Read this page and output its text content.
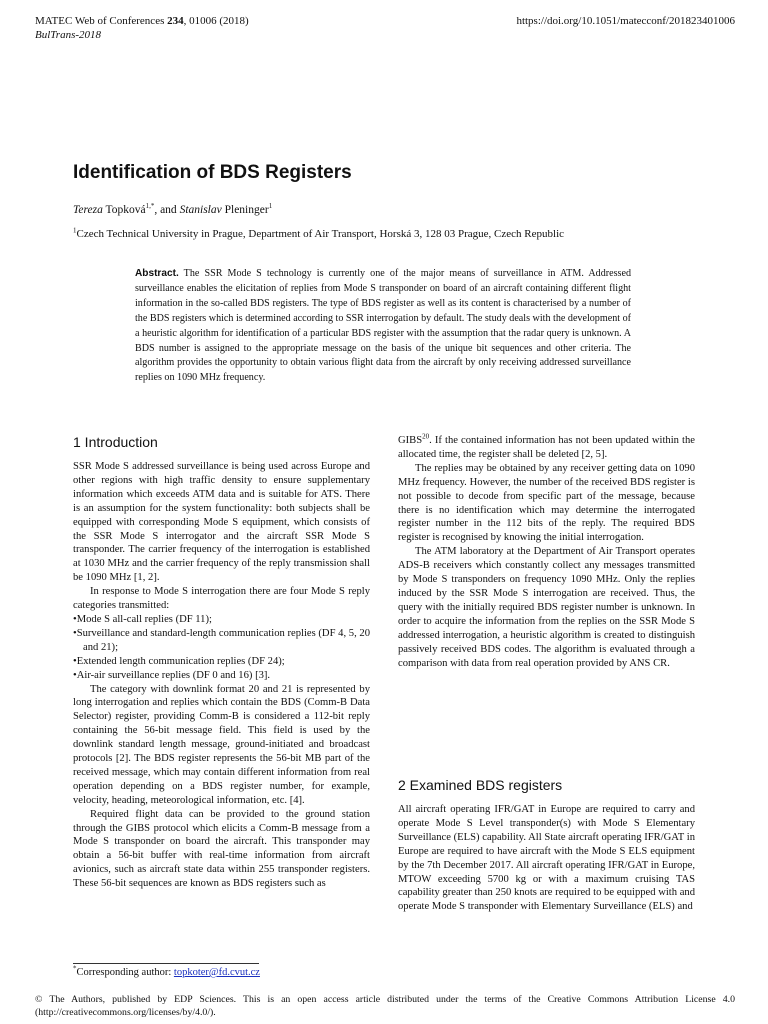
MATEC Web of Conferences 234, 01006 (2018)
BulTrans-2018
https://doi.org/10.1051/matecconf/201823401006
Identification of BDS Registers
Tereza Topková$^{1,*}$, and Stanislav Pleninger$^1$
$^1$Czech Technical University in Prague, Department of Air Transport, Horská 3, 128 03 Prague, Czech Republic
Abstract. The SSR Mode S technology is currently one of the major means of surveillance in ATM. Addressed surveillance enables the elicitation of replies from Mode S transponder on board of an aircraft containing different flight information in the so-called BDS registers. The type of BDS register as well as its content is characterised by a number of the BDS registers which is determined according to SSR interrogation by default. The study deals with the development of a heuristic algorithm for identification of a particular BDS register with the assumption that the radar query is unknown. A BDS number is assigned to the appropriate message on the basis of the unique bit sequences and other criteria. The algorithm provides the opportunity to obtain various flight data from the aircraft by only receiving addressed surveillance replies on 1090 MHz frequency.
1 Introduction

SSR Mode S addressed surveillance is being used across Europe and other regions with high traffic density to ensure supplementary information which exceeds ATM data and is suitable for ATS. There is an assumption for the system functionality: both subjects shall be equipped with corresponding Mode S equipment, which consists of the SSR Mode S interrogator and the aircraft SSR Mode S transponder. The carrier frequency of the interrogation is established at 1030 MHz and the carrier frequency of the reply transmission shall be 1090 MHz [1, 2].

In response to Mode S interrogation there are four Mode S reply categories transmitted:

• Mode S all-call replies (DF 11);
• Surveillance and standard-length communication replies (DF 4, 5, 20 and 21);
• Extended length communication replies (DF 24);
• Air-air surveillance replies (DF 0 and 16) [3].

The category with downlink format 20 and 21 is represented by long interrogation and replies which contain the BDS (Comm-B Data Selector) register, providing Comm-B is considered a 112-bit reply containing the 56-bit message field. This field is used by the downlink standard length message, ground-initiated and broadcast protocols [2]. The BDS register represents the 56-bit MB part of the received message, which may contain different information from real operation depending on a BDS register number, for example, velocity, heading, meteorological information, etc. [4].

Required flight data can be provided to the ground station through the GIBS protocol which elicits a Comm-B message from a Mode S transponder on board the aircraft. This transponder may obtain a 56-bit buffer with real-time information from aircraft avionics, such as aircraft state data within 255 transponder registers. These 56-bit sequences are known as BDS registers such as

GIBS$^{20}$. If the contained information has not been updated within the allocated time, the register shall be deleted [2, 5].

The replies may be obtained by any receiver getting data on 1090 MHz frequency. However, the number of the received BDS register is not possible to decode from specific part of the message, because there is no identification which may determine the interrogated register number in the 112 bits of the reply. The required BDS register is recognised by knowing the initial interrogation.

The ATM laboratory at the Department of Air Transport operates ADS-B receivers which constantly collect any messages transmitted by Mode S transponders on frequency 1090 MHz. Only the replies induced by the SSR Mode S interrogation are received. Thus, the query with the initially required BDS register number is unknown. In order to acquire the information from the replies on the SSR Mode S addressed interrogation, a heuristic algorithm is created to distinguish passively received BDS codes. The algorithm is evaluated through a comparison with data from real operation provided by ANS CR.

2 Examined BDS registers

All aircraft operating IFR/GAT in Europe are required to carry and operate Mode S Level transponder(s) with Mode S Elementary Surveillance (ELS) capability. All State aircraft operating IFR/GAT in Europe are required to have aircraft with the Mode S ELS equipment by the 7th December 2017. All aircraft operating IFR/GAT in Europe, MTOW exceeding 5700 kg or with a maximum cruising TAS capability greater than 250 knots are required to be equipped with and operate Mode S transponder with Elementary Surveillance (ELS) and

*Corresponding author: topkoter@fd.cvut.cz
© The Authors, published by EDP Sciences. This is an open access article distributed under the terms of the Creative Commons Attribution License 4.0 (http://creativecommons.org/licenses/by/4.0/).
